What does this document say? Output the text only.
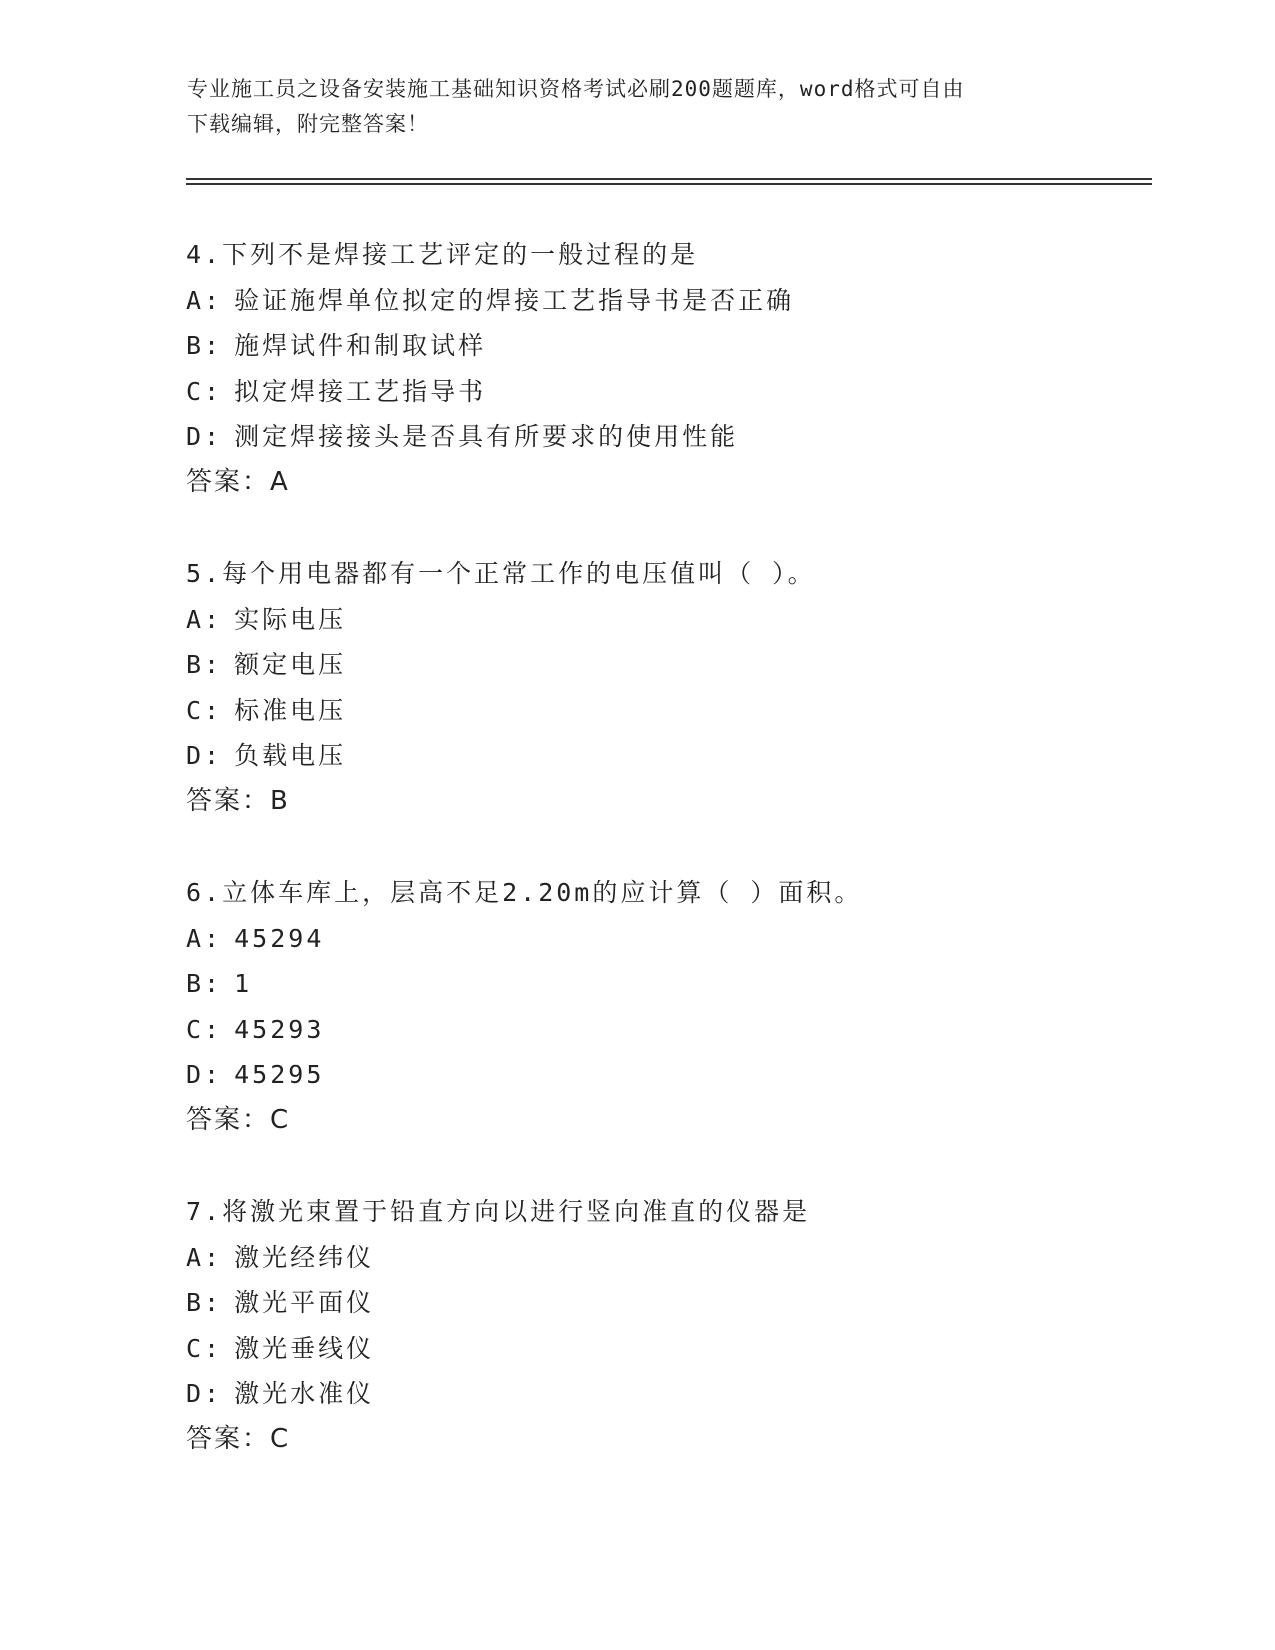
专业施工员之设备安装施工基础知识资格考试必刷200题题库，word格式可自由
下载编辑，附完整答案！
4.下列不是焊接工艺评定的一般过程的是
A: 验证施焊单位拟定的焊接工艺指导书是否正确
B: 施焊试件和制取试样
C: 拟定焊接工艺指导书
D: 测定焊接接头是否具有所要求的使用性能
答案：A
5.每个用电器都有一个正常工作的电压值叫（ ）。
A: 实际电压
B: 额定电压
C: 标准电压
D: 负载电压
答案：B
6.立体车库上，层高不足2.20m的应计算（ ）面积。
A: 45294
B: 1
C: 45293
D: 45295
答案：C
7.将激光束置于铅直方向以进行竖向准直的仪器是
A: 激光经纬仪
B: 激光平面仪
C: 激光垂线仪
D: 激光水准仪
答案：C
